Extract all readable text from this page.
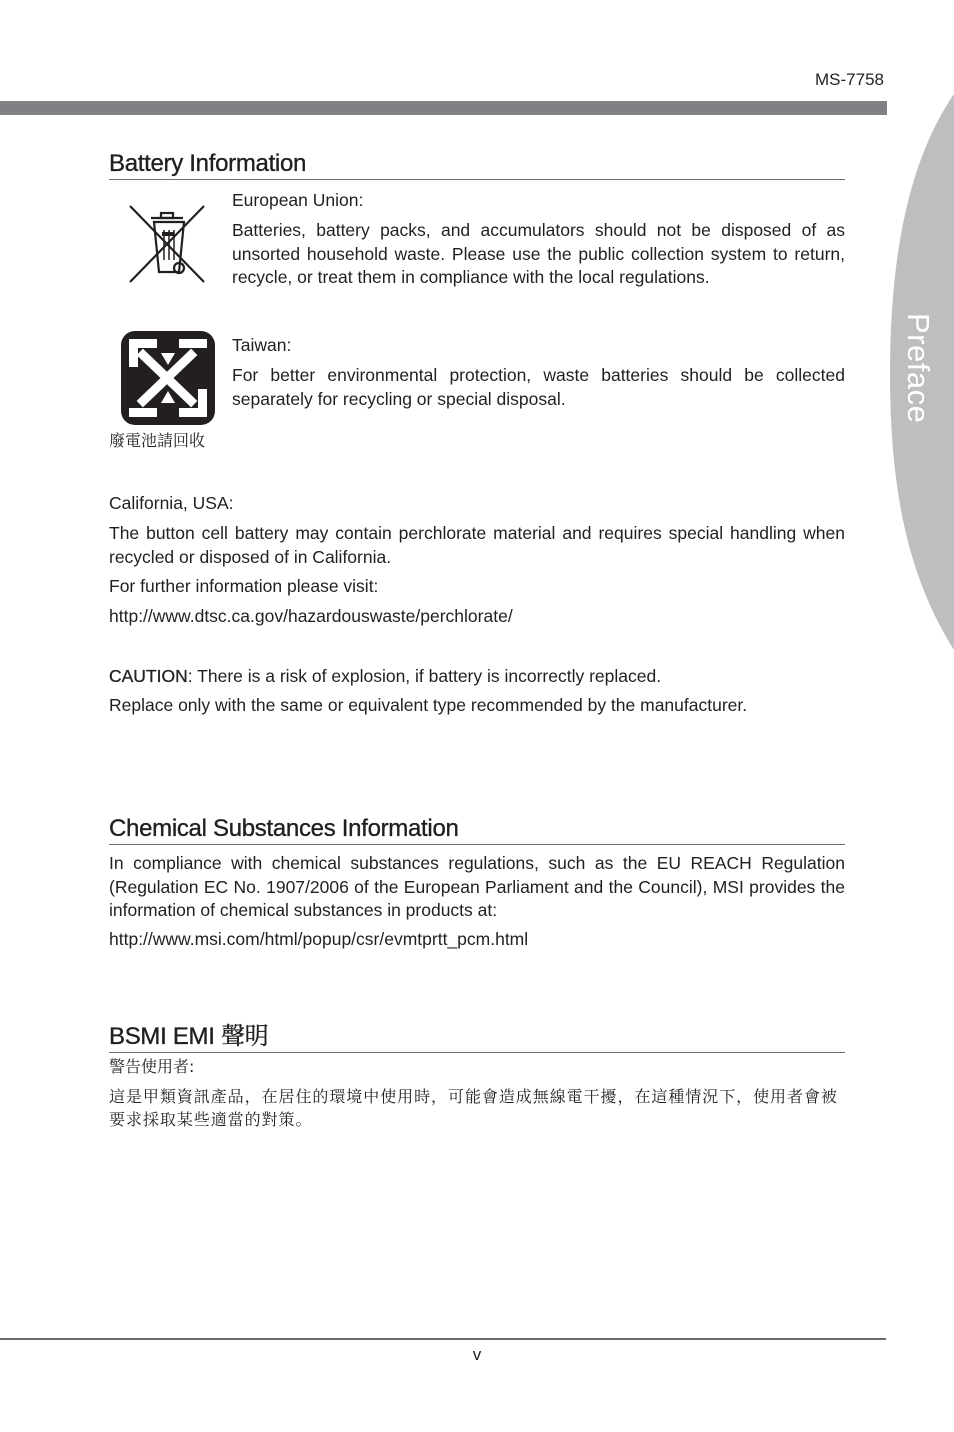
MS-7758
Preface
Battery Information

European Union:

Batteries, battery packs, and accumulators should not be disposed of as unsorted household waste. Please use the public collection system to return, recycle, or treat them in compliance with the local regulations.

廢電池請回收

Taiwan:

For better environmental protection, waste batteries should be collected separately for recycling or special disposal.

California, USA:

The button cell battery may contain perchlorate material and requires special handling when recycled or disposed of in California.

For further information please visit:

http://www.dtsc.ca.gov/hazardouswaste/perchlorate/

CAUTION: There is a risk of explosion, if battery is incorrectly replaced.

Replace only with the same or equivalent type recommended by the manufacturer.

Chemical Substances Information

In compliance with chemical substances regulations, such as the EU REACH Regulation (Regulation EC No. 1907/2006 of the European Parliament and the Council), MSI provides the information of chemical substances in products at:

http://www.msi.com/html/popup/csr/evmtprtt_pcm.html

BSMI EMI 聲明

警告使用者:

這是甲類資訊產品，在居住的環境中使用時，可能會造成無線電干擾，在這種情況下，使用者會被要求採取某些適當的對策。

v
